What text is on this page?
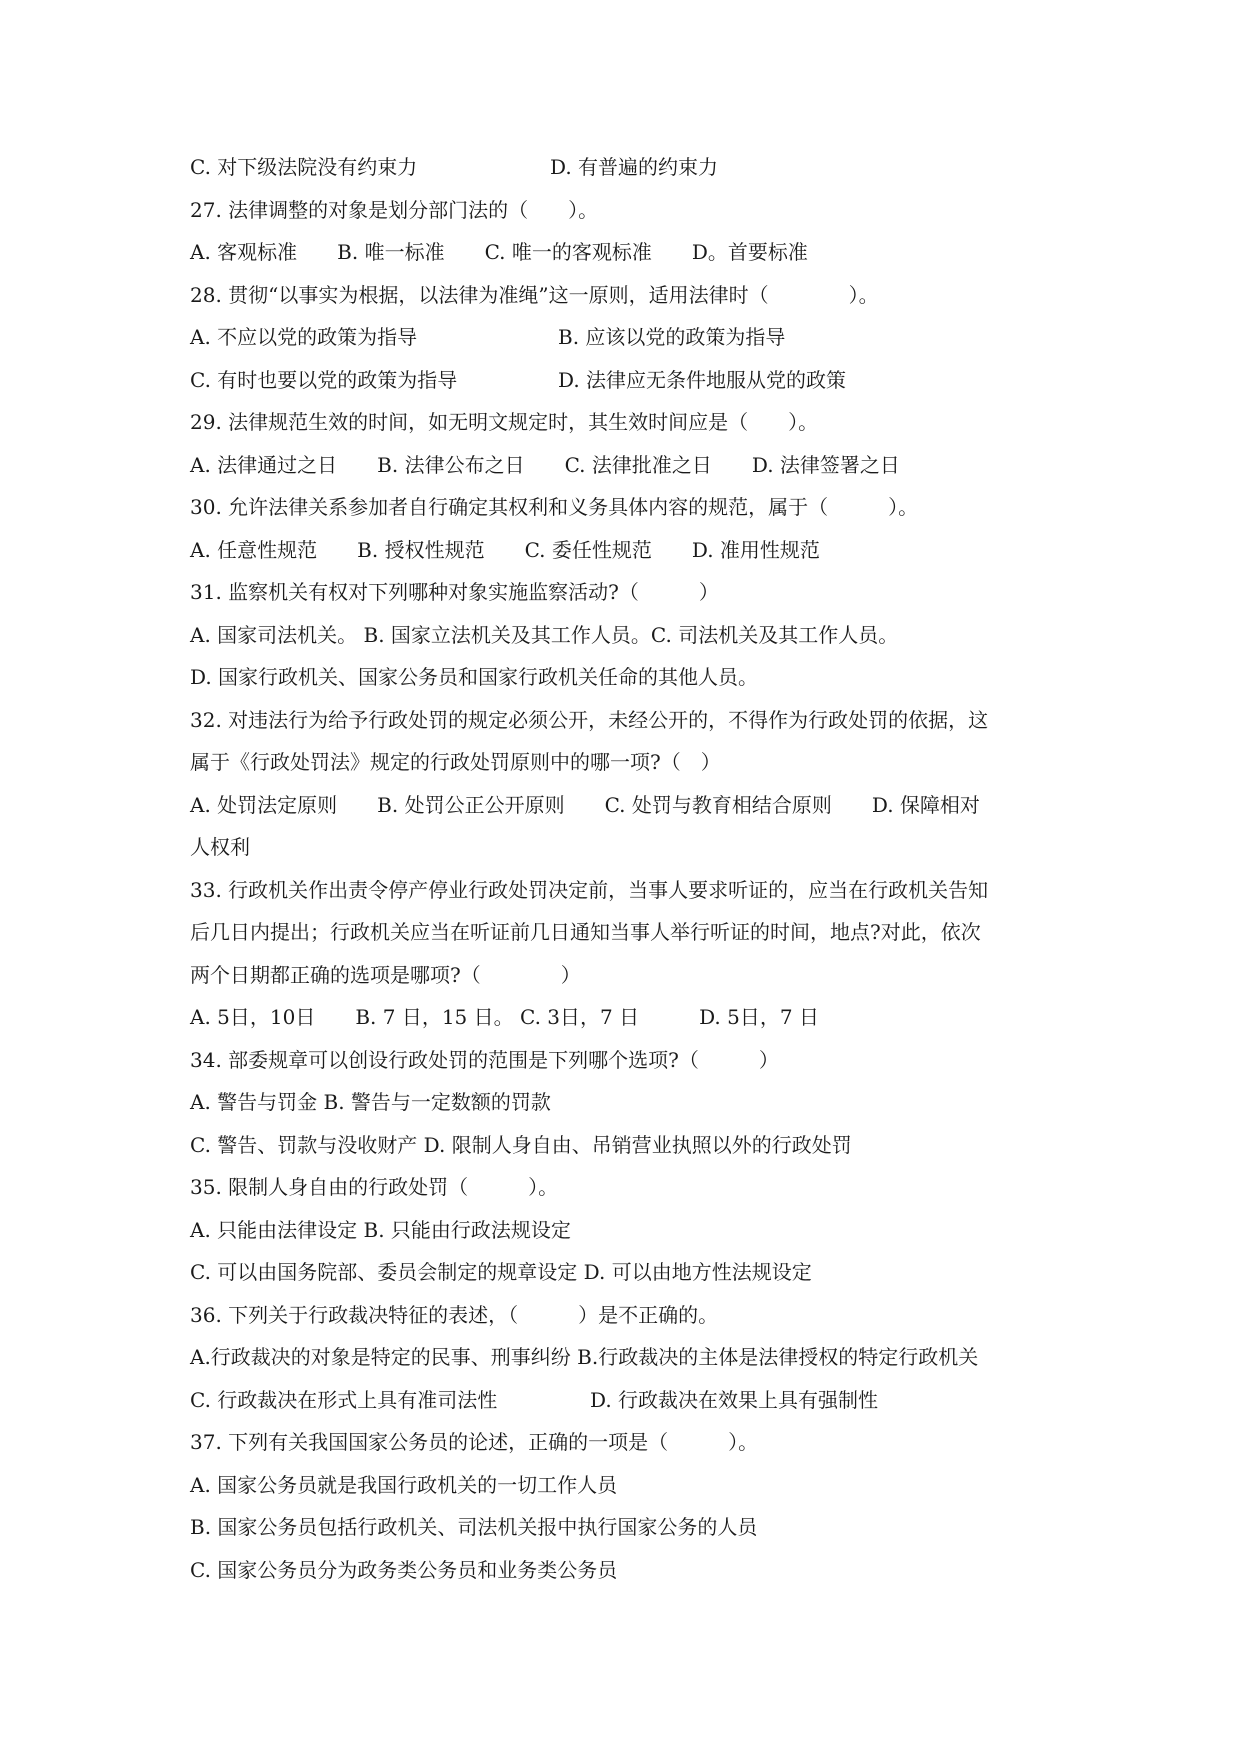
C. 对下级法院没有约束力	D. 有普遍的约束力
27. 法律调整的对象是划分部门法的（　　）。
A. 客观标准　　B. 唯一标准　　C. 唯一的客观标准　　D。首要标准
28. 贯彻“以事实为根据，以法律为准绳”这一原则，适用法律时（　　　　）。
A. 不应以党的政策为指导	B. 应该以党的政策为指导
C. 有时也要以党的政策为指导	D. 法律应无条件地服从党的政策
29. 法律规范生效的时间，如无明文规定时，其生效时间应是（　　）。
A. 法律通过之日　　B. 法律公布之日　　C. 法律批准之日　　D. 法律签署之日
30. 允许法律关系参加者自行确定其权利和义务具体内容的规范，属于（　　　）。
A. 任意性规范　　B. 授权性规范　　C. 委任性规范　　D. 准用性规范
31. 监察机关有权对下列哪种对象实施监察活动?（　　　）
A. 国家司法机关。 B. 国家立法机关及其工作人员。C. 司法机关及其工作人员。
D. 国家行政机关、国家公务员和国家行政机关任命的其他人员。
32. 对违法行为给予行政处罚的规定必须公开，未经公开的，不得作为行政处罚的依据，这
属于《行政处罚法》规定的行政处罚原则中的哪一项?（　）
A. 处罚法定原则　　B. 处罚公正公开原则　　C. 处罚与教育相结合原则　　D. 保障相对
人权利
33. 行政机关作出责令停产停业行政处罚决定前，当事人要求听证的，应当在行政机关告知
后几日内提出；行政机关应当在听证前几日通知当事人举行听证的时间，地点?对此，依次
两个日期都正确的选项是哪项?（　　　　）
A. 5日，10日　　B. 7 日，15 日。 C. 3日，7 日　　　D. 5日，7 日
34. 部委规章可以创设行政处罚的范围是下列哪个选项?（　　　）
A. 警告与罚金 B. 警告与一定数额的罚款
C. 警告、罚款与没收财产 D. 限制人身自由、吊销营业执照以外的行政处罚
35. 限制人身自由的行政处罚（　　　）。
A. 只能由法律设定 B. 只能由行政法规设定
C. 可以由国务院部、委员会制定的规章设定 D. 可以由地方性法规设定
36. 下列关于行政裁决特征的表述，（　　　）是不正确的。
A.行政裁决的对象是特定的民事、刑事纠纷 B.行政裁决的主体是法律授权的特定行政机关
C. 行政裁决在形式上具有准司法性	D. 行政裁决在效果上具有强制性
37. 下列有关我国国家公务员的论述，正确的一项是（　　　）。
A. 国家公务员就是我国行政机关的一切工作人员
B. 国家公务员包括行政机关、司法机关报中执行国家公务的人员
C. 国家公务员分为政务类公务员和业务类公务员
